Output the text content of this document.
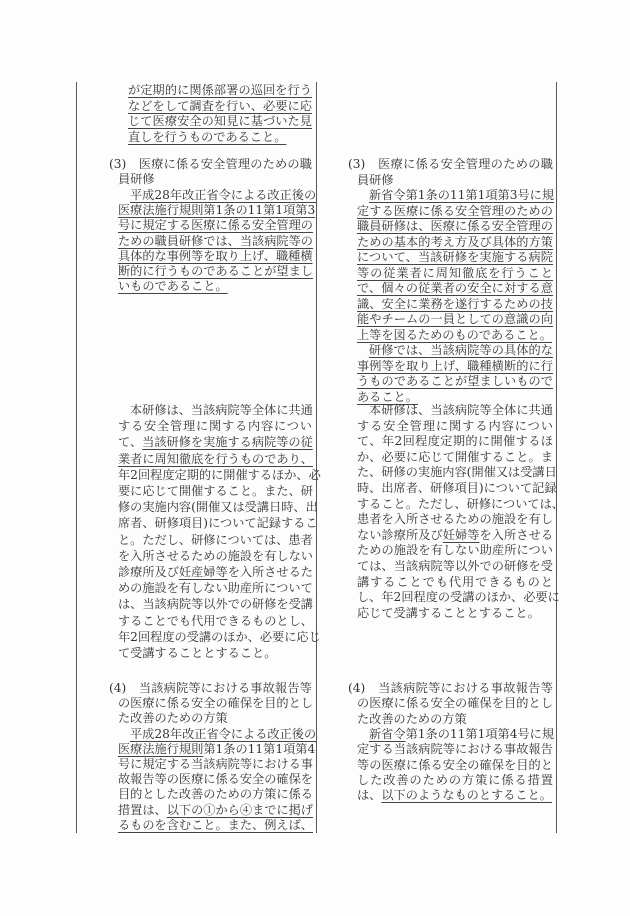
が定期的に関係部署の巡回を行う
などをして調査を行い、必要に応
じて医療安全の知見に基づいた見
直しを行うものであること。
(3)　医療に係る安全管理のための職
員研修
平成28年改正省令による改正後の
医療法施行規則第1条の11第1項第3
号に規定する医療に係る安全管理の
ための職員研修では、当該病院等の
具体的な事例等を取り上げ、職種横
断的に行うものであることが望まし
いものであること。
本研修は、当該病院等全体に共通
する安全管理に関する内容につい
て、当該研修を実施する病院等の従
業者に周知徹底を行うものであり、
年2回程度定期的に開催するほか、必
要に応じて開催すること。また、研
修の実施内容(開催又は受講日時、出
席者、研修項目)について記録するこ
と。ただし、研修については、患者
を入所させるための施設を有しない
診療所及び妊産婦等を入所させるた
めの施設を有しない助産所について
は、当該病院等以外での研修を受講
することでも代用できるものとし、
年2回程度の受講のほか、必要に応じ
て受講することとすること。
(4)　当該病院等における事故報告等
の医療に係る安全の確保を目的とし
た改善のための方策
平成28年改正省令による改正後の
医療法施行規則第1条の11第1項第4
号に規定する当該病院等における事
故報告等の医療に係る安全の確保を
目的とした改善のための方策に係る
措置は、以下の①から④までに掲げ
るものを含むこと。また、例えば、
(3)　医療に係る安全管理のための職
員研修
新省令第1条の11第1項第3号に規
定する医療に係る安全管理のための
職員研修は、医療に係る安全管理の
ための基本的考え方及び具体的方策
について、当該研修を実施する病院
等の従業者に周知徹底を行うこと
で、個々の従業者の安全に対する意
識、安全に業務を遂行するための技
能やチームの一員としての意識の向
上等を図るためのものであること。
研修では、当該病院等の具体的な
事例等を取り上げ、職種横断的に行
うものであることが望ましいもので
あること。
本研修は、当該病院等全体に共通
する安全管理に関する内容につい
て、年2回程度定期的に開催するほ
か、必要に応じて開催すること。ま
た、研修の実施内容(開催又は受講日
時、出席者、研修項目)について記録
すること。ただし、研修については、
患者を入所させるための施設を有し
ない診療所及び妊婦等を入所させる
ための施設を有しない助産所につい
ては、当該病院等以外での研修を受
講することでも代用できるものと
し、年2回程度の受講のほか、必要に
応じて受講することとすること。
(4)　当該病院等における事故報告等
の医療に係る安全の確保を目的とし
た改善のための方策
新省令第1条の11第1項第4号に規
定する当該病院等における事故報告
等の医療に係る安全の確保を目的と
した改善のための方策に係る措置
は、以下のようなものとすること。
